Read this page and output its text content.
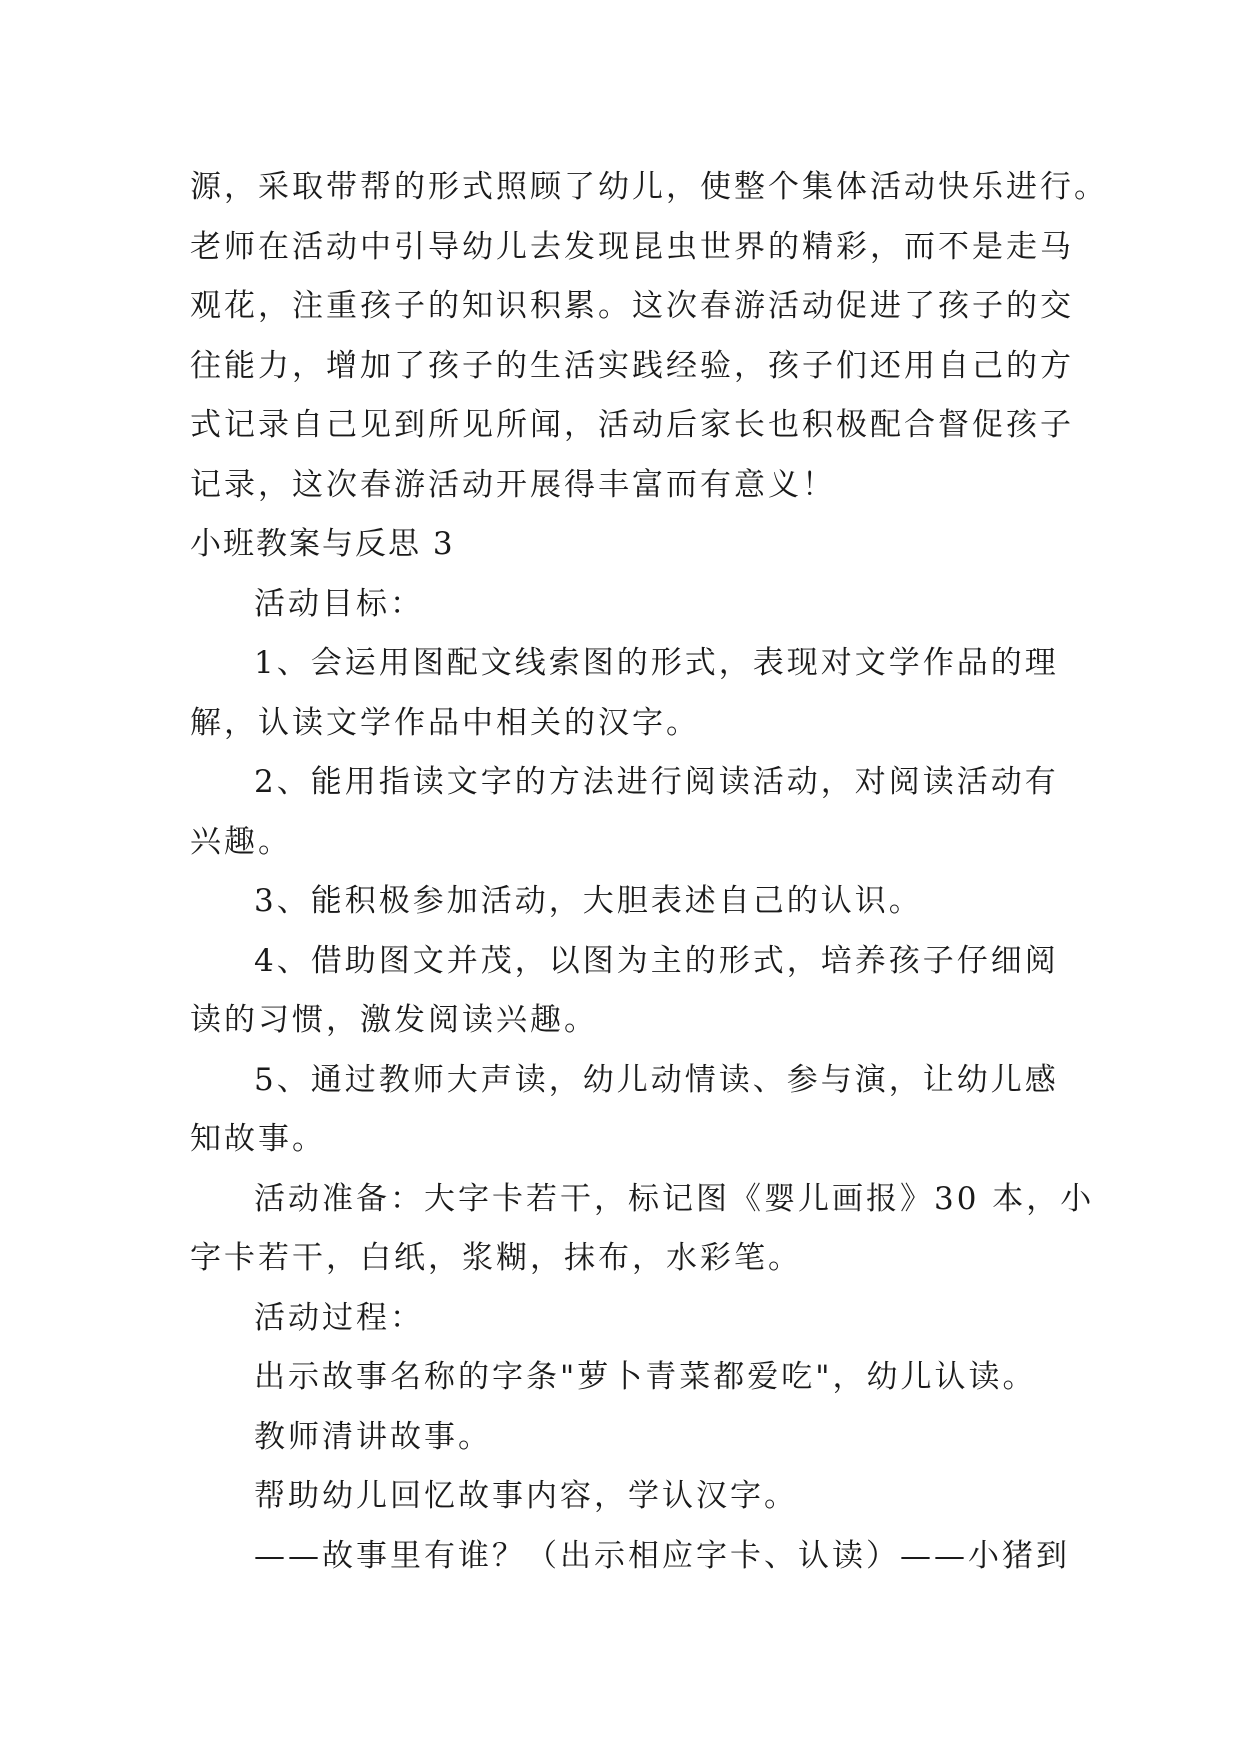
源，采取带帮的形式照顾了幼儿，使整个集体活动快乐进行。
老师在活动中引导幼儿去发现昆虫世界的精彩，而不是走马
观花，注重孩子的知识积累。这次春游活动促进了孩子的交
往能力，增加了孩子的生活实践经验，孩子们还用自己的方
式记录自己见到所见所闻，活动后家长也积极配合督促孩子
记录，这次春游活动开展得丰富而有意义！
小班教案与反思 3
活动目标：
1、会运用图配文线索图的形式，表现对文学作品的理
解，认读文学作品中相关的汉字。
2、能用指读文字的方法进行阅读活动，对阅读活动有
兴趣。
3、能积极参加活动，大胆表述自己的认识。
4、借助图文并茂，以图为主的形式，培养孩子仔细阅
读的习惯，激发阅读兴趣。
5、通过教师大声读，幼儿动情读、参与演，让幼儿感
知故事。
活动准备：大字卡若干，标记图《婴儿画报》30 本，小
字卡若干，白纸，浆糊，抹布，水彩笔。
活动过程：
出示故事名称的字条"萝卜青菜都爱吃"，幼儿认读。
教师清讲故事。
帮助幼儿回忆故事内容，学认汉字。
——故事里有谁？（出示相应字卡、认读）——小猪到
